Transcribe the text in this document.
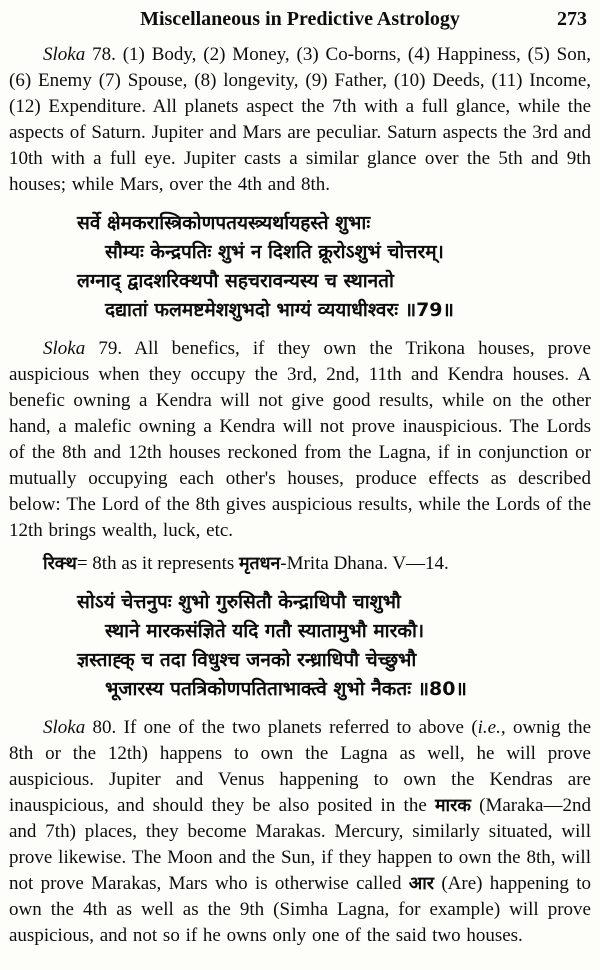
Miscellaneous in Predictive Astrology	273

Sloka 78. (1) Body, (2) Money, (3) Co-borns, (4) Happiness, (5) Son, (6) Enemy (7) Spouse, (8) longevity, (9) Father, (10) Deeds, (11) Income, (12) Expenditure. All planets aspect the 7th with a full glance, while the aspects of Saturn. Jupiter and Mars are peculiar. Saturn aspects the 3rd and 10th with a full eye. Jupiter casts a similar glance over the 5th and 9th houses; while Mars, over the 4th and 8th.

सर्वे क्षेमकरास्त्रिकोणपतयस्त्र्यर्थायहस्ते शुभाः
सौम्यः केन्द्रपतिः शुभं न दिशति क्रूरोऽशुभं चोत्तरम्।
लग्नाद् द्वादशरिक्थपौ सहचरावन्यस्य च स्थानतो
दद्यातां फलमष्टमेशशुभदो भाग्यं व्ययाधीश्वरः ॥79॥

Sloka 79. All benefics, if they own the Trikona houses, prove auspicious when they occupy the 3rd, 2nd, 11th and Kendra houses. A benefic owning a Kendra will not give good results, while on the other hand, a malefic owning a Kendra will not prove inauspicious. The Lords of the 8th and 12th houses reckoned from the Lagna, if in conjunction or mutually occupying each other's houses, produce effects as described below: The Lord of the 8th gives auspicious results, while the Lords of the 12th brings wealth, luck, etc.

रिक्थ= 8th as it represents मृतधन-Mrita Dhana. V—14.
सोऽयं चेत्तनुपः शुभो गुरुसितौ केन्द्राधिपौ चाशुभौ
स्थाने मारकसंज्ञिते यदि गतौ स्यातामुभौ मारकौ।
ज्ञस्ताह्क् च तदा विधुश्च जनको रन्ध्राधिपौ चेच्छुभौ
भूजारस्य पतत्रिकोणपतिताभाक्त्वे शुभो नैकतः ॥80॥

Sloka 80. If one of the two planets referred to above (i.e., ownig the 8th or the 12th) happens to own the Lagna as well, he will prove auspicious. Jupiter and Venus happening to own the Kendras are inauspicious, and should they be also posited in the मारक (Maraka—2nd and 7th) places, they become Marakas. Mercury, similarly situated, will prove likewise. The Moon and the Sun, if they happen to own the 8th, will not prove Marakas, Mars who is otherwise called आर (Are) happening to own the 4th as well as the 9th (Simha Lagna, for example) will prove auspicious, and not so if he owns only one of the said two houses.
